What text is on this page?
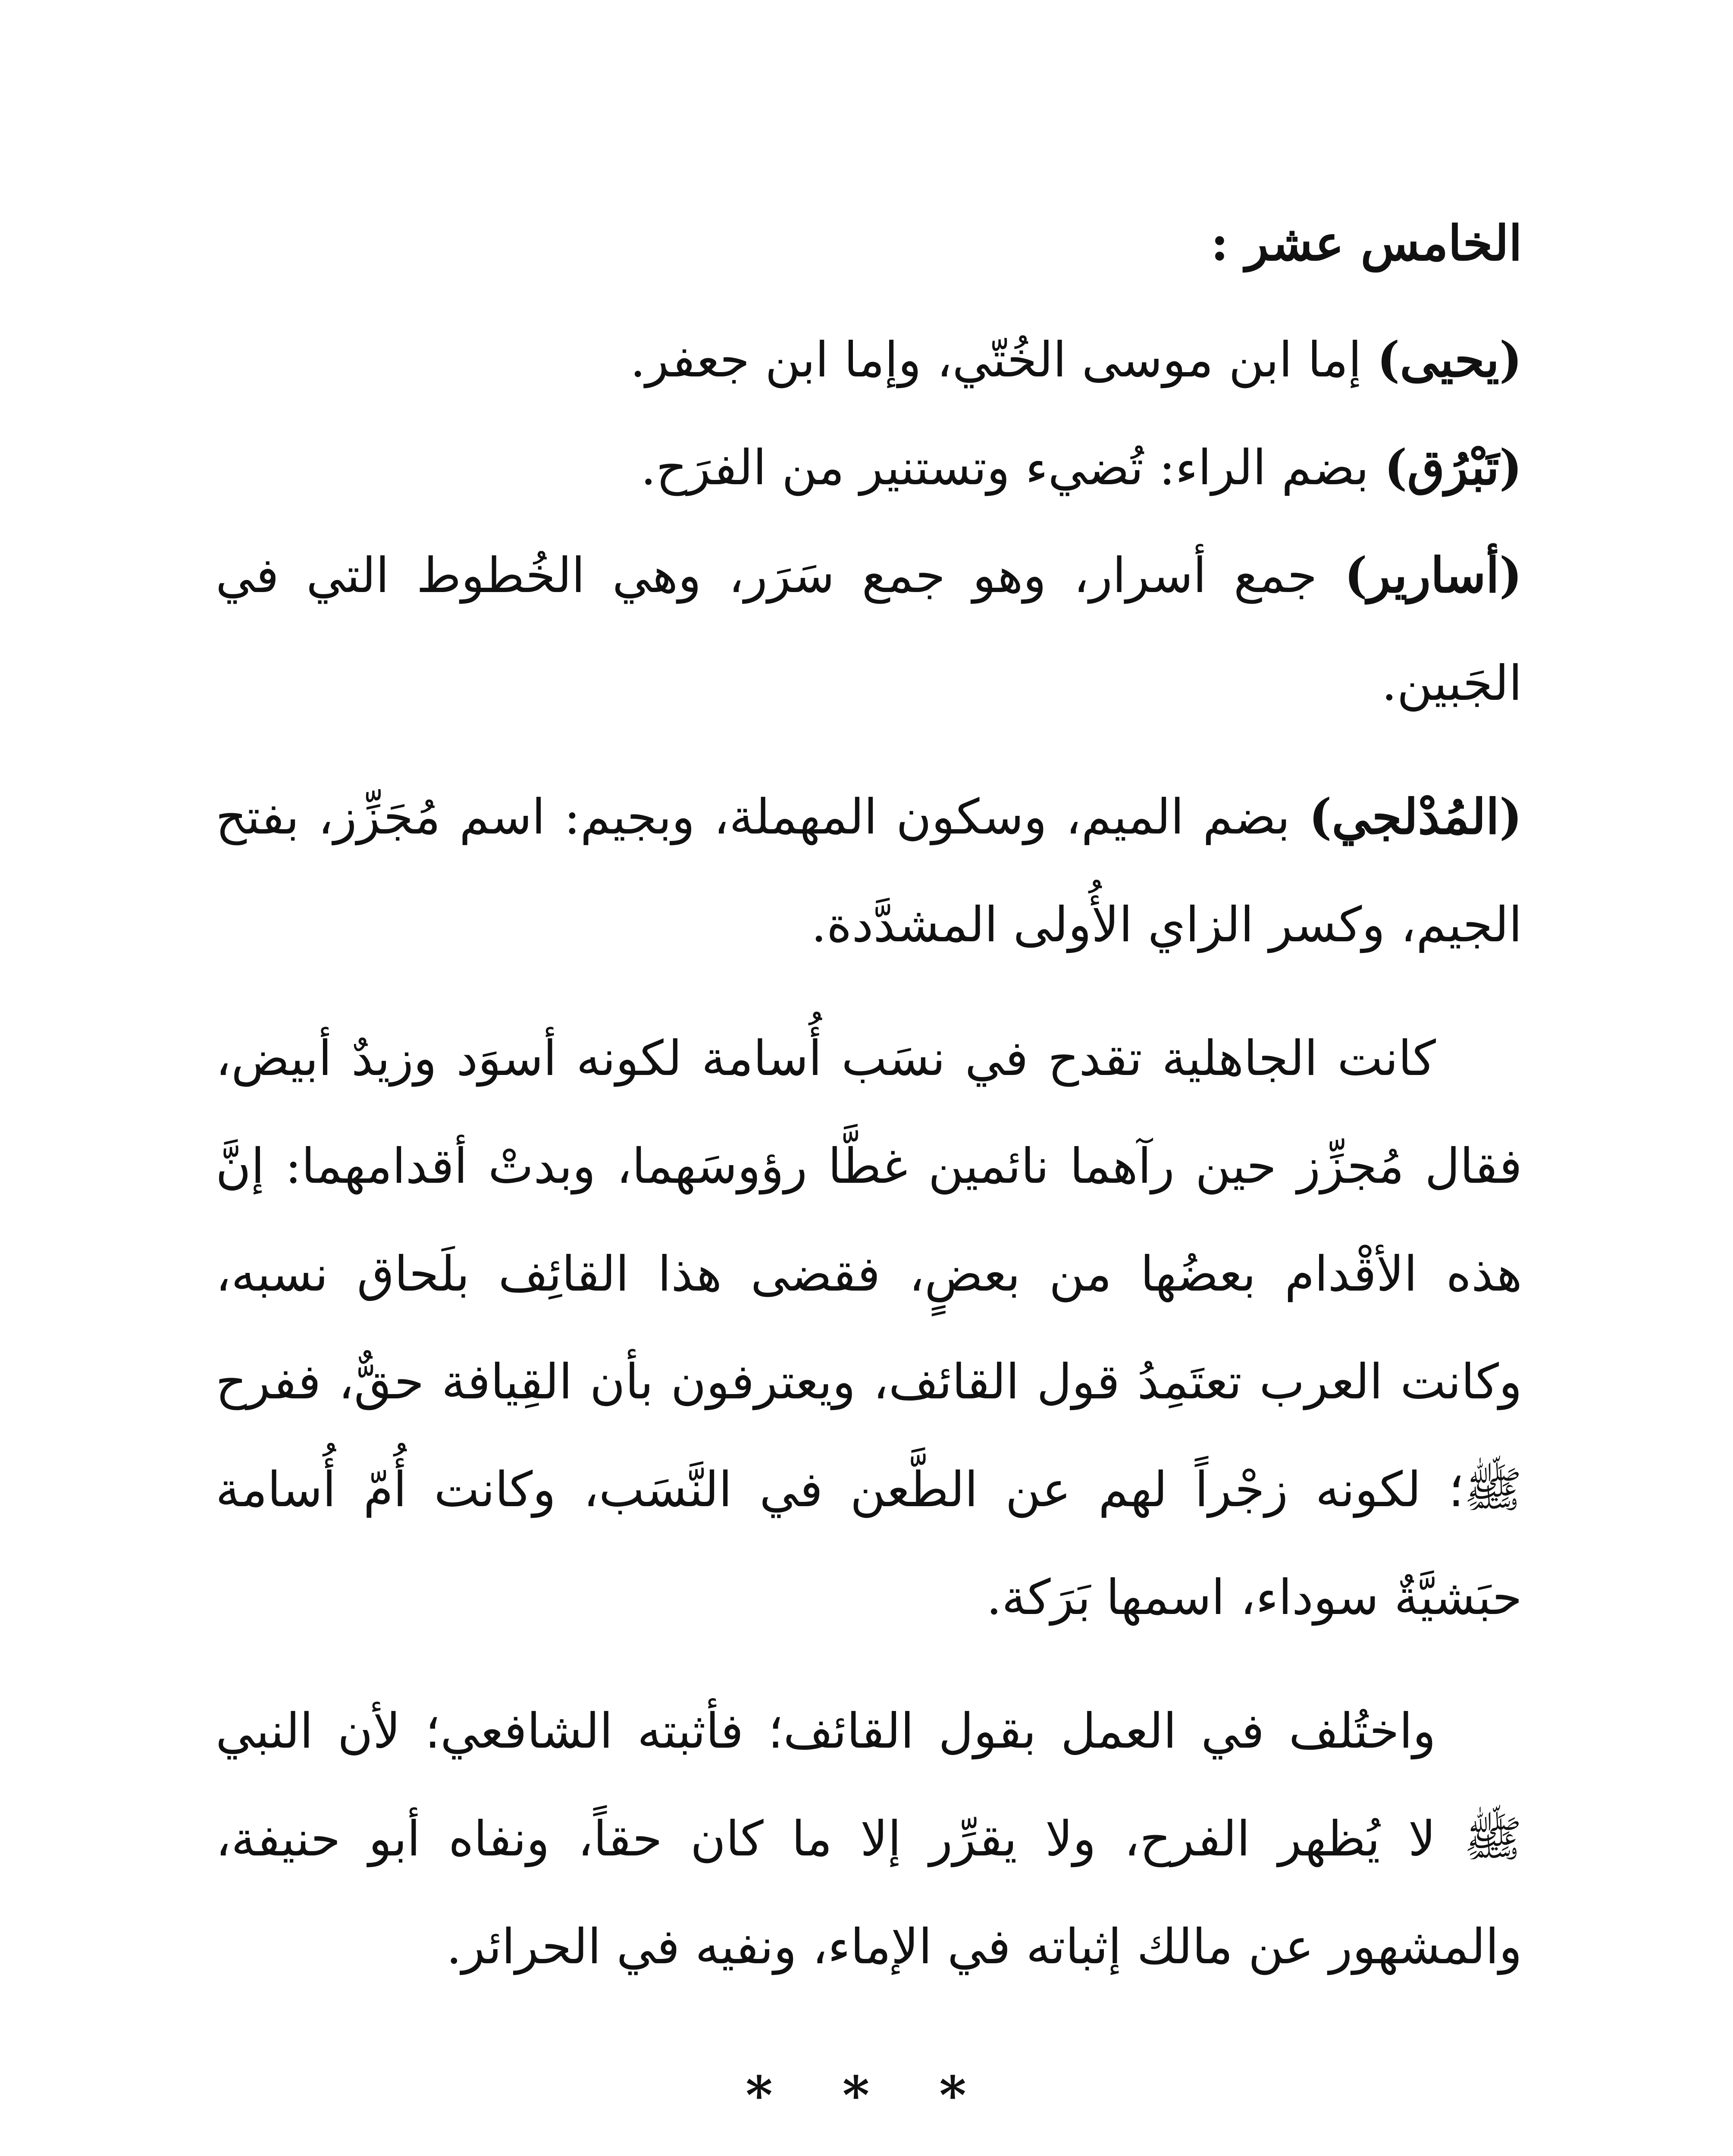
الخامس عشر :

(يحيى) إما ابن موسى الخُتّي، وإما ابن جعفر.

(تَبْرُق) بضم الراء: تُضيء وتستنير من الفرَح.

(أسارير) جمع أسرار، وهو جمع سَرَر، وهي الخُطوط التي في الجَبين.

(المُدْلجي) بضم الميم، وسكون المهملة، وبجيم: اسم مُجَزِّز، بفتح الجيم، وكسر الزاي الأُولى المشدَّدة.

كانت الجاهلية تقدح في نسَب أُسامة لكونه أسوَد وزيدٌ أبيض، فقال مُجزِّز حين رآهما نائمين غطَّا رؤوسَهما، وبدتْ أقدامهما: إنَّ هذه الأقْدام بعضُها من بعضٍ، فقضى هذا القائِف بلَحاق نسبه، وكانت العرب تعتَمِدُ قول القائف، ويعترفون بأن القِيافة حقٌّ، ففرح ﷺ؛ لكونه زجْراً لهم عن الطَّعن في النَّسَب، وكانت أُمّ أُسامة حبَشيَّةٌ سوداء، اسمها بَرَكة.

واختُلف في العمل بقول القائف؛ فأثبته الشافعي؛ لأن النبي ﷺ لا يُظهر الفرح، ولا يقرِّر إلا ما كان حقاً، ونفاه أبو حنيفة، والمشهور عن مالك إثباته في الإماء، ونفيه في الحرائر.

* * *
